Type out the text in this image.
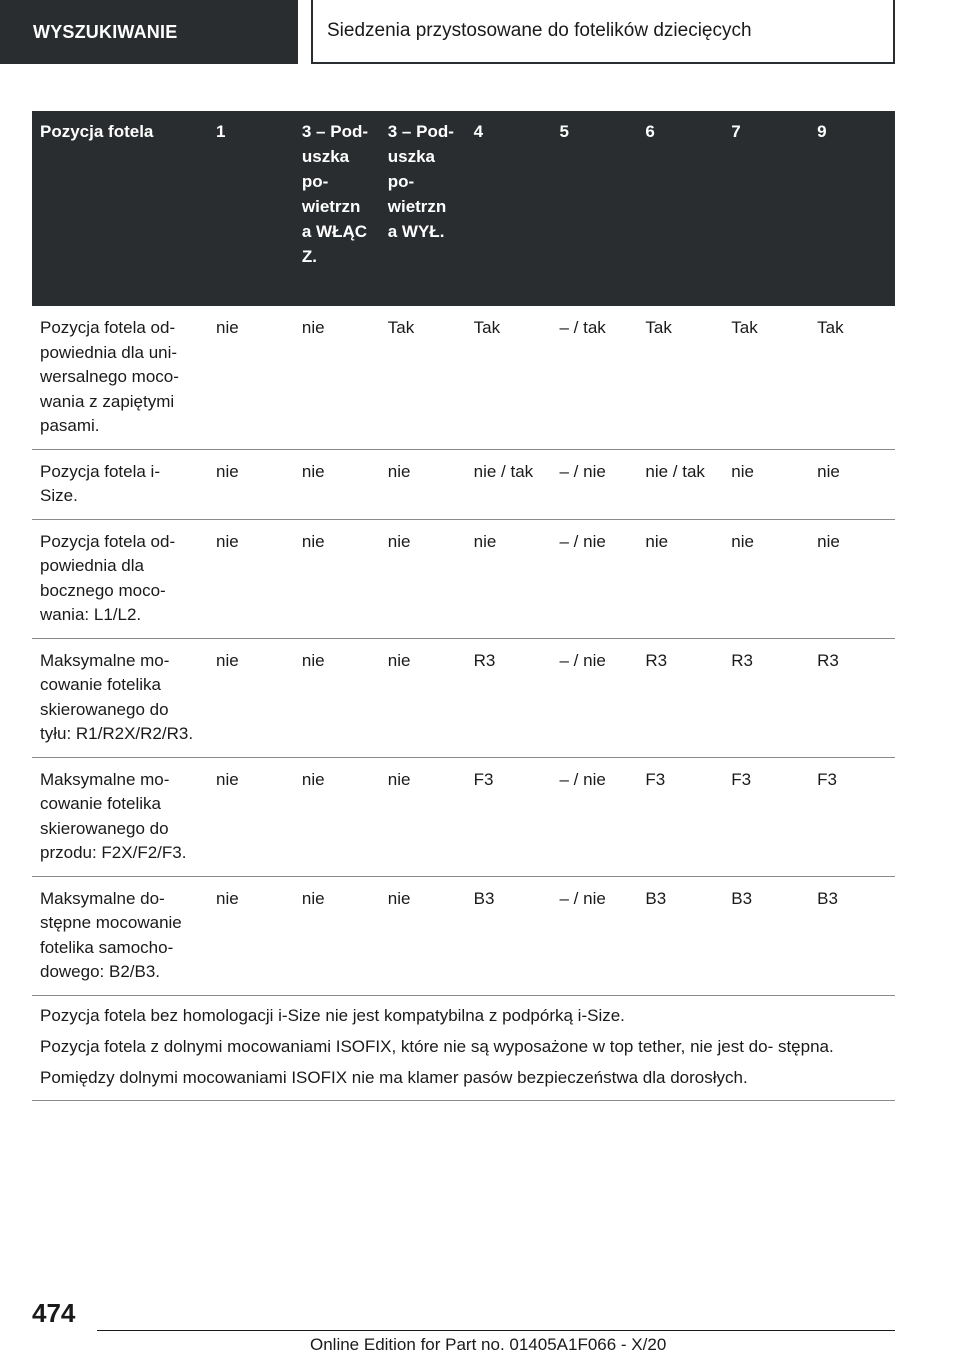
WYSZUKIWANIE	Siedzenia przystosowane do fotelików dziecięcych
Pozycja fotela	1	3 – Pod- uszka po- wietrzn a WŁĄC Z.	3 – Pod- uszka po- wietrzn a WYŁ.	4	5	6	7	9
Pozycja fotela od- powiednia dla uni- wersalnego moco- wania z zapiętymi pasami.	nie	nie	Tak	Tak	– / tak	Tak	Tak	Tak
Pozycja fotela i- Size.	nie	nie	nie	nie / tak	– / nie	nie / tak	nie	nie
Pozycja fotela od- powiednia dla bocznego moco- wania: L1/L2.	nie	nie	nie	nie	– / nie	nie	nie	nie
Maksymalne mo- cowanie fotelika skierowanego do tyłu: R1/R2X/R2/R3.	nie	nie	nie	R3	– / nie	R3	R3	R3
Maksymalne mo- cowanie fotelika skierowanego do przodu: F2X/F2/F3.	nie	nie	nie	F3	– / nie	F3	F3	F3
Maksymalne do- stępne mocowanie fotelika samocho- dowego: B2/B3.	nie	nie	nie	B3	– / nie	B3	B3	B3

Pozycja fotela bez homologacji i-Size nie jest kompatybilna z podpórką i-Size.

Pozycja fotela z dolnymi mocowaniami ISOFIX, które nie są wyposażone w top tether, nie jest do- stępna.

Pomiędzy dolnymi mocowaniami ISOFIX nie ma klamer pasów bezpieczeństwa dla dorosłych.								

474
Online Edition for Part no. 01405A1F066 - X/20
